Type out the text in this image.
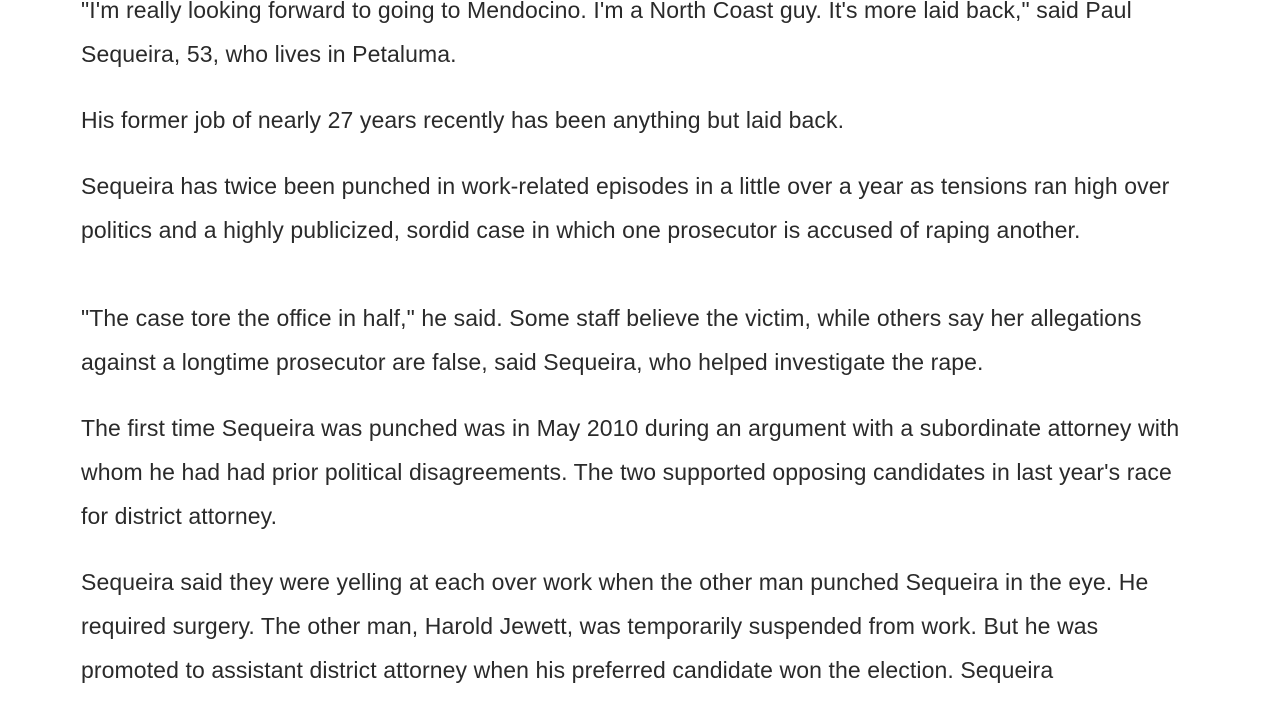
"I'm really looking forward to going to Mendocino. I'm a North Coast guy. It's more laid back," said Paul Sequeira, 53, who lives in Petaluma.

His former job of nearly 27 years recently has been anything but laid back.

Sequeira has twice been punched in work-related episodes in a little over a year as tensions ran high over politics and a highly publicized, sordid case in which one prosecutor is accused of raping another.

"The case tore the office in half," he said. Some staff believe the victim, while others say her allegations against a longtime prosecutor are false, said Sequeira, who helped investigate the rape.

The first time Sequeira was punched was in May 2010 during an argument with a subordinate attorney with whom he had had prior political disagreements. The two supported opposing candidates in last year's race for district attorney.

Sequeira said they were yelling at each over work when the other man punched Sequeira in the eye. He required surgery. The other man, Harold Jewett, was temporarily suspended from work. But he was promoted to assistant district attorney when his preferred candidate won the election. Sequeira
